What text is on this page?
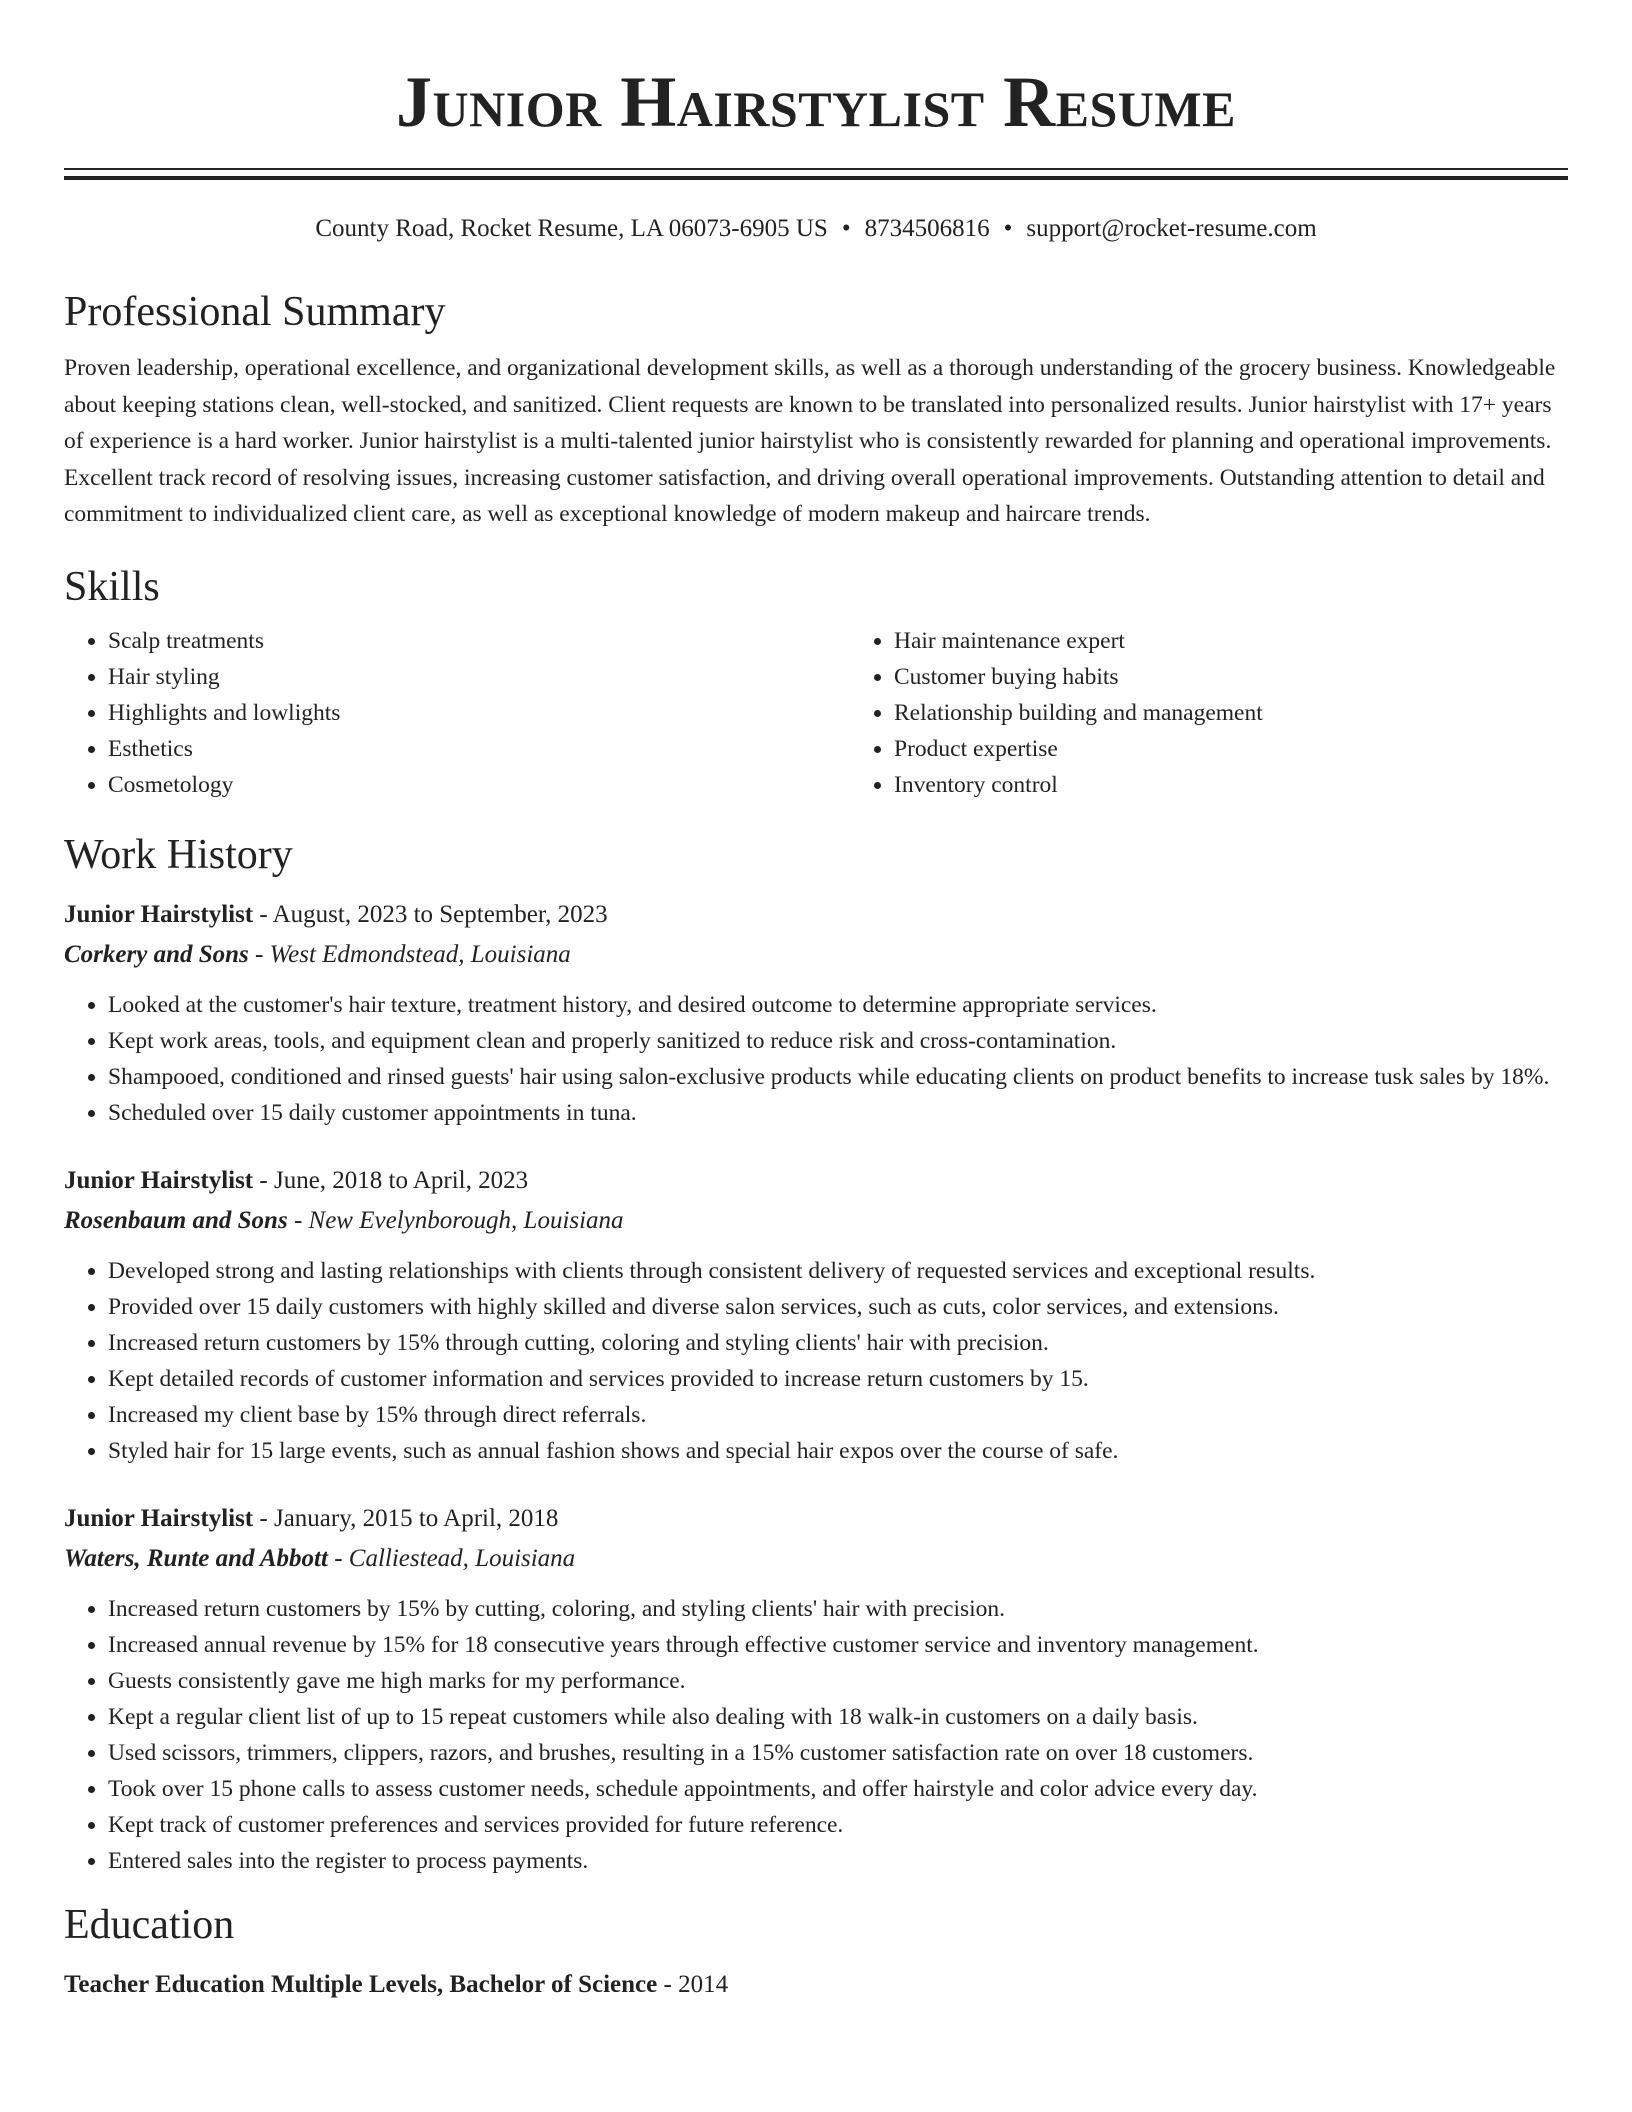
Junior Hairstylist Resume
County Road, Rocket Resume, LA 06073-6905 US • 8734506816 • support@rocket-resume.com
Professional Summary

Proven leadership, operational excellence, and organizational development skills, as well as a thorough understanding of the grocery business. Knowledgeable about keeping stations clean, well-stocked, and sanitized. Client requests are known to be translated into personalized results. Junior hairstylist with 17+ years of experience is a hard worker. Junior hairstylist is a multi-talented junior hairstylist who is consistently rewarded for planning and operational improvements. Excellent track record of resolving issues, increasing customer satisfaction, and driving overall operational improvements. Outstanding attention to detail and commitment to individualized client care, as well as exceptional knowledge of modern makeup and haircare trends.

Skills
• Scalp treatments
• Hair styling
• Highlights and lowlights
• Esthetics
• Cosmetology
• Hair maintenance expert
• Customer buying habits
• Relationship building and management
• Product expertise
• Inventory control
Work History
Junior Hairstylist - August, 2023 to September, 2023
Corkery and Sons - West Edmondstead, Louisiana
• Looked at the customer's hair texture, treatment history, and desired outcome to determine appropriate services.
• Kept work areas, tools, and equipment clean and properly sanitized to reduce risk and cross-contamination.
• Shampooed, conditioned and rinsed guests' hair using salon-exclusive products while educating clients on product benefits to increase tusk sales by 18%.
• Scheduled over 15 daily customer appointments in tuna.
Junior Hairstylist - June, 2018 to April, 2023
Rosenbaum and Sons - New Evelynborough, Louisiana
• Developed strong and lasting relationships with clients through consistent delivery of requested services and exceptional results.
• Provided over 15 daily customers with highly skilled and diverse salon services, such as cuts, color services, and extensions.
• Increased return customers by 15% through cutting, coloring and styling clients' hair with precision.
• Kept detailed records of customer information and services provided to increase return customers by 15.
• Increased my client base by 15% through direct referrals.
• Styled hair for 15 large events, such as annual fashion shows and special hair expos over the course of safe.
Junior Hairstylist - January, 2015 to April, 2018
Waters, Runte and Abbott - Calliestead, Louisiana
• Increased return customers by 15% by cutting, coloring, and styling clients' hair with precision.
• Increased annual revenue by 15% for 18 consecutive years through effective customer service and inventory management.
• Guests consistently gave me high marks for my performance.
• Kept a regular client list of up to 15 repeat customers while also dealing with 18 walk-in customers on a daily basis.
• Used scissors, trimmers, clippers, razors, and brushes, resulting in a 15% customer satisfaction rate on over 18 customers.
• Took over 15 phone calls to assess customer needs, schedule appointments, and offer hairstyle and color advice every day.
• Kept track of customer preferences and services provided for future reference.
• Entered sales into the register to process payments.
Education
Teacher Education Multiple Levels, Bachelor of Science - 2014
